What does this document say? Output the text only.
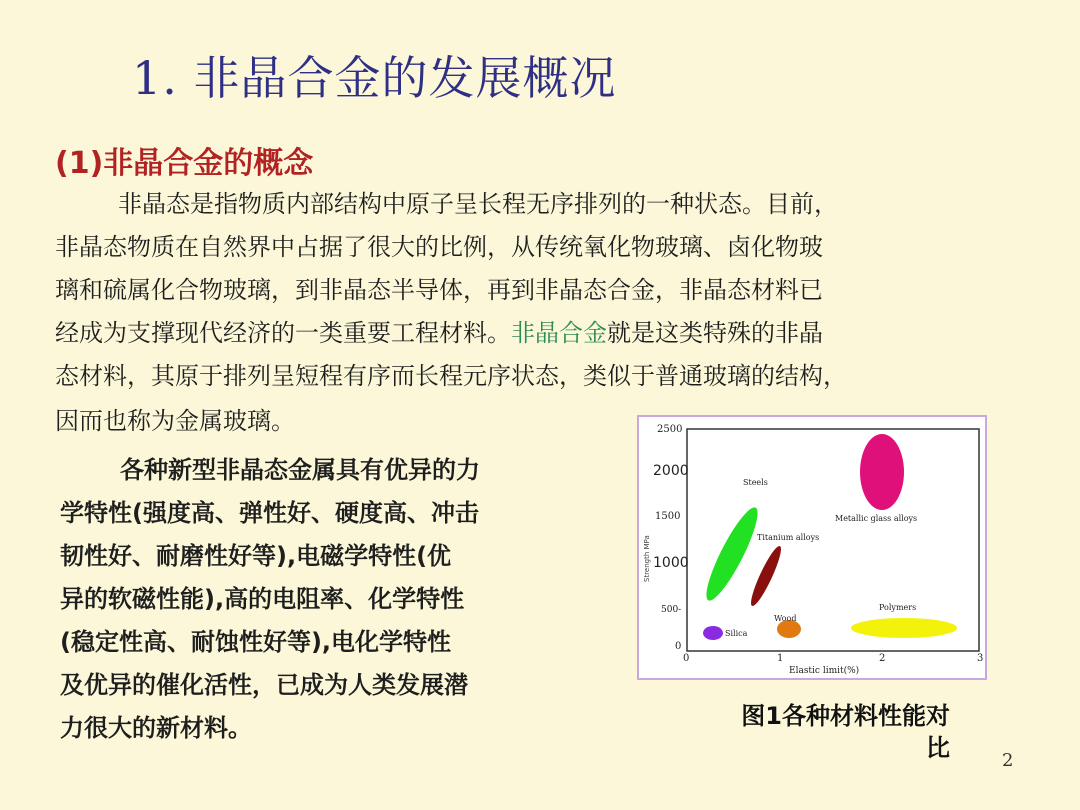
1. 非晶合金的发展概况
(1)非晶合金的概念
非晶态是指物质内部结构中原子呈长程无序排列的一种状态。目前，
非晶态物质在自然界中占据了很大的比例，从传统氧化物玻璃、卤化物玻
璃和硫属化合物玻璃，到非晶态半导体，再到非晶态合金，非晶态材料已
经成为支撑现代经济的一类重要工程材料。非晶合金就是这类特殊的非晶
态材料，其原于排列呈短程有序而长程元序状态，类似于普通玻璃的结构，
因而也称为金属玻璃。
各种新型非晶态金属具有优异的力
学特性(强度高、弹性好、硬度高、冲击
韧性好、耐磨性好等),电磁学特性(优
异的软磁性能),高的电阻率、化学特性
(稳定性高、耐蚀性好等),电化学特性
及优异的催化活性，已成为人类发展潜
力很大的新材料。
2500
2000
1500
1000
500-
0
Strength MPa
0	1	2	3
Elastic limit(%)
Steels
Metallic glass alloys
Titanium alloys
Wood
Polymers
Silica
图1各种材料性能对
比	2
